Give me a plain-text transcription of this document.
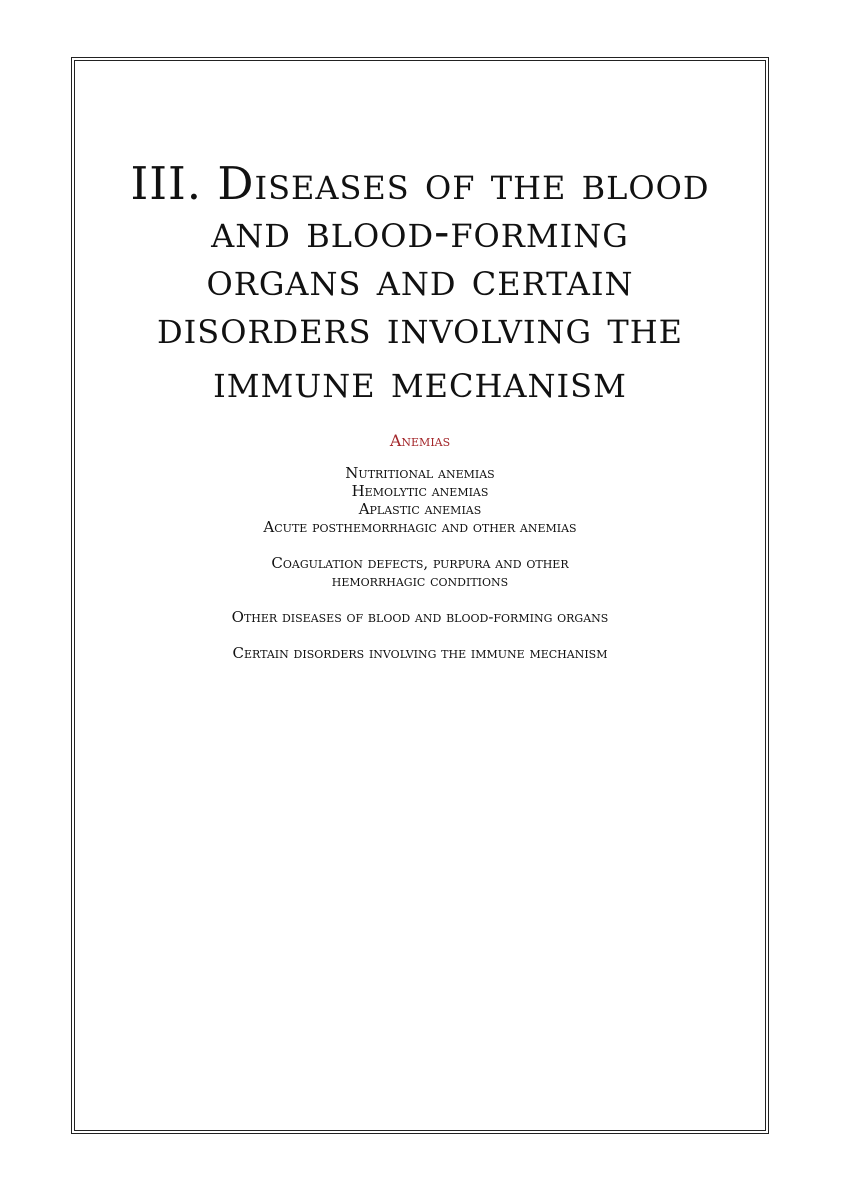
III. Diseases of the blood
and blood-forming
organs and certain
disorders involving the
immune mechanism
Anemias
Nutritional anemias
Hemolytic anemias
Aplastic anemias
Acute posthemorrhagic and other anemias
Coagulation defects, purpura and other
hemorrhagic conditions
Other diseases of blood and blood-forming organs
Certain disorders involving the immune mechanism
